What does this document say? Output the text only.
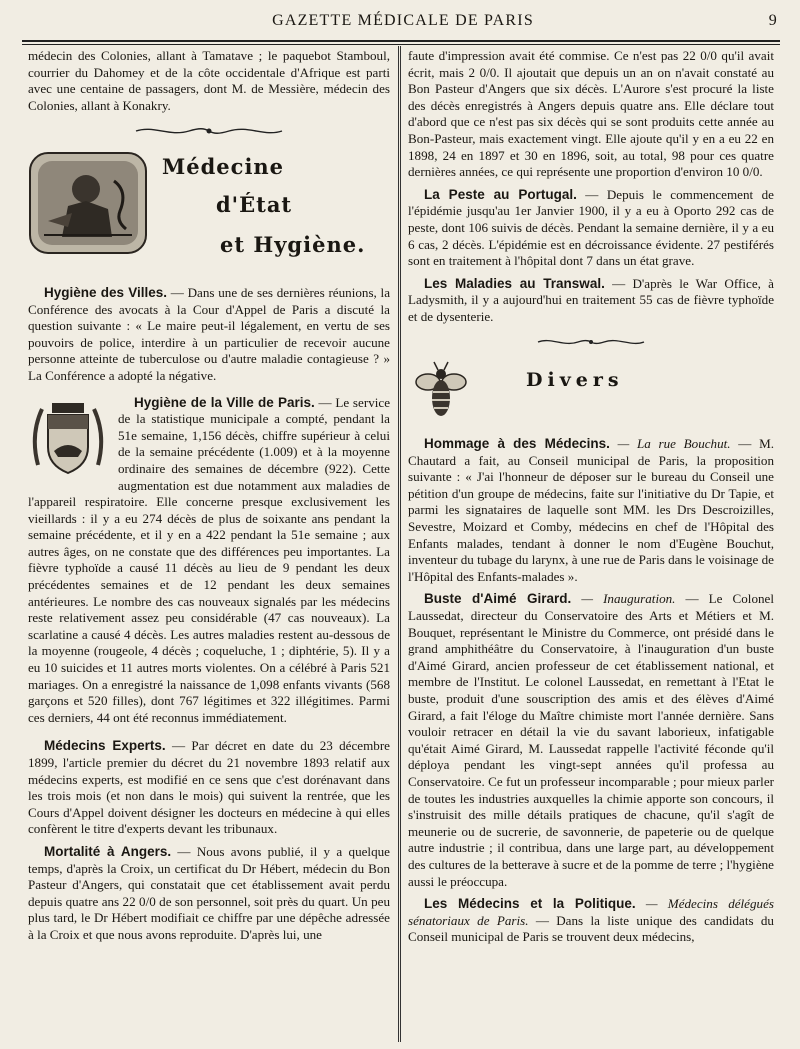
GAZETTE MÉDICALE DE PARIS	9

médecin des Colonies, allant à Tamatave ; le paquebot Stamboul, courrier du Dahomey et de la côte occidentale d'Afrique est parti avec une centaine de passagers, dont M. de Messière, médecin des Colonies, allant à Konakry.

Médecine
d'État
et Hygiène.

Hygiène des Villes. — Dans une de ses dernières réunions, la Conférence des avocats à la Cour d'Appel de Paris a discuté la question suivante : « Le maire peut-il légalement, en vertu de ses pouvoirs de police, interdire à un particulier de recevoir aucune personne atteinte de tuberculose ou d'autre maladie contagieuse ? » La Conférence a adopté la négative.

Hygiène de la Ville de Paris. — Le service de la statistique municipale a compté, pendant la 51e semaine, 1,156 décès, chiffre supérieur à celui de la semaine précédente (1.009) et à la moyenne ordinaire des semaines de décembre (922). Cette augmentation est due notamment aux maladies de l'appareil respiratoire. Elle concerne presque exclusivement les vieillards : il y a eu 274 décès de plus de soixante ans pendant la semaine précédente, et il y en a 422 pendant la 51e semaine ; aux autres âges, on ne constate que des différences peu importantes. La fièvre typhoïde a causé 11 décès au lieu de 9 pendant les deux précédentes semaines et de 12 pendant les deux semaines antérieures. Le nombre des cas nouveaux signalés par les médecins reste relativement assez peu considérable (47 cas nouveaux). La scarlatine a causé 4 décès. Les autres maladies restent au-dessous de la moyenne (rougeole, 4 décès ; coqueluche, 1 ; diphtérie, 5). Il y a eu 10 suicides et 11 autres morts violentes. On a célébré à Paris 521 mariages. On a enregistré la naissance de 1,098 enfants vivants (568 garçons et 520 filles), dont 767 légitimes et 322 illégitimes. Parmi ces derniers, 44 ont été reconnus immédiatement.

Médecins Experts. — Par décret en date du 23 décembre 1899, l'article premier du décret du 21 novembre 1893 relatif aux médecins experts, est modifié en ce sens que c'est dorénavant dans les trois mois (et non dans le mois) qui suivent la rentrée, que les Cours d'Appel doivent désigner les docteurs en médecine à qui elles confèrent le titre d'experts devant les tribunaux.

Mortalité à Angers. — Nous avons publié, il y a quelque temps, d'après la Croix, un certificat du Dr Hébert, médecin du Bon Pasteur d'Angers, qui constatait que cet établissement avait perdu depuis quatre ans 22 0/0 de son personnel, soit près du quart. Un peu plus tard, le Dr Hébert modifiait ce chiffre par une dépêche adressée à la Croix et que nous avons reproduite. D'après lui, une

faute d'impression avait été commise. Ce n'est pas 22 0/0 qu'il avait écrit, mais 2 0/0. Il ajoutait que depuis un an on n'avait constaté au Bon Pasteur d'Angers que six décès. L'Aurore s'est procuré la liste des décès enregistrés à Angers depuis quatre ans. Elle déclare tout d'abord que ce n'est pas six décès qui se sont produits cette année au Bon-Pasteur, mais exactement vingt. Elle ajoute qu'il y en a eu 22 en 1898, 24 en 1897 et 30 en 1896, soit, au total, 98 pour ces quatre dernières années, ce qui représente une proportion d'environ 10 0/0.

La Peste au Portugal. — Depuis le commencement de l'épidémie jusqu'au 1er Janvier 1900, il y a eu à Oporto 292 cas de peste, dont 106 suivis de décès. Pendant la semaine dernière, il y a eu 6 cas, 2 décès. L'épidémie est en décroissance évidente. 27 pestiférés sont en traitement à l'hôpital dont 7 dans un état grave.

Les Maladies au Transwal. — D'après le War Office, à Ladysmith, il y a aujourd'hui en traitement 55 cas de fièvre typhoïde et de dysenterie.

Divers

Hommage à des Médecins. — La rue Bouchut. — M. Chautard a fait, au Conseil municipal de Paris, la proposition suivante : « J'ai l'honneur de déposer sur le bureau du Conseil une pétition d'un groupe de médecins, faite sur l'initiative du Dr Tapie, et parmi les signataires de laquelle sont MM. les Drs Descroizilles, Sevestre, Moizard et Comby, médecins en chef de l'Hôpital des Enfants malades, tendant à donner le nom d'Eugène Bouchut, inventeur du tubage du larynx, à une rue de Paris dans le voisinage de l'Hôpital des Enfants-malades ».

Buste d'Aimé Girard. — Inauguration. — Le Colonel Laussedat, directeur du Conservatoire des Arts et Métiers et M. Bouquet, représentant le Ministre du Commerce, ont présidé dans le grand amphithéâtre du Conservatoire, à l'inauguration d'un buste d'Aimé Girard, ancien professeur de cet établissement national, et membre de l'Institut. Le colonel Laussedat, en remettant à l'Etat le buste, produit d'une souscription des amis et des élèves d'Aimé Girard, a fait l'éloge du Maître chimiste mort l'année dernière. Sans vouloir retracer en détail la vie du savant laborieux, infatigable qu'était Aimé Girard, M. Laussedat rappelle l'activité féconde qu'il déploya pendant les vingt-sept années qu'il professa au Conservatoire. Ce fut un professeur incomparable ; pour mieux parler de toutes les industries auxquelles la chimie apporte son concours, il s'instruisit des mille détails pratiques de chacune, qu'il s'agît de meunerie ou de sucrerie, de savonnerie, de papeterie ou de quelque autre industrie ; il contribua, dans une large part, au développement des cultures de la betterave à sucre et de la pomme de terre ; l'hygiène aussi le préoccupa.

Les Médecins et la Politique. — Médecins délégués sénatoriaux de Paris. — Dans la liste unique des candidats du Conseil municipal de Paris se trouvent deux médecins,
